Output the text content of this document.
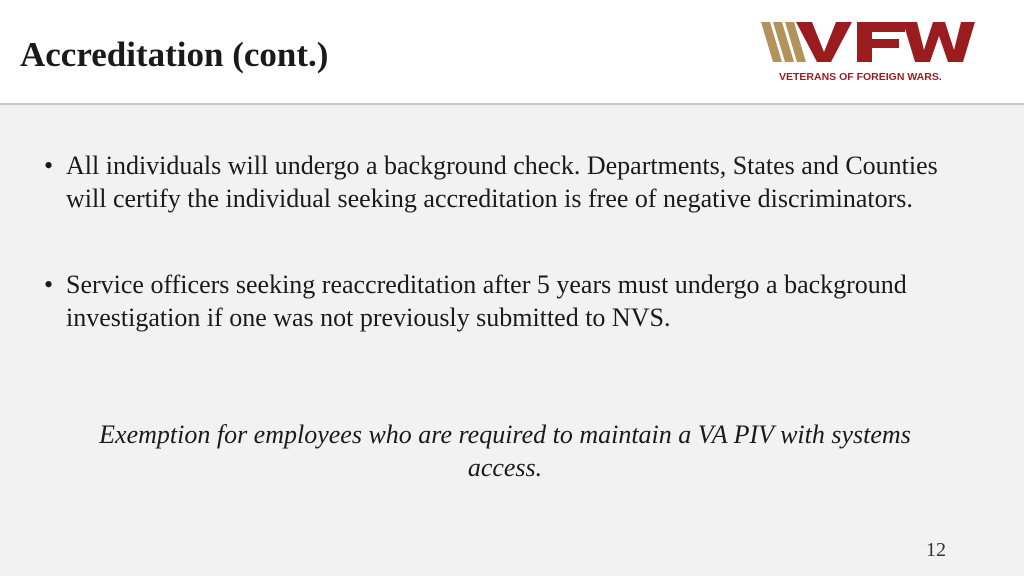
Accreditation (cont.)
VETERANS OF FOREIGN WARS.
• All individuals will undergo a background check. Departments, States and Counties will certify the individual seeking accreditation is free of negative discriminators.
• Service officers seeking reaccreditation after 5 years must undergo a background investigation if one was not previously submitted to NVS.

Exemption for employees who are required to maintain a VA PIV with systems access.

12
